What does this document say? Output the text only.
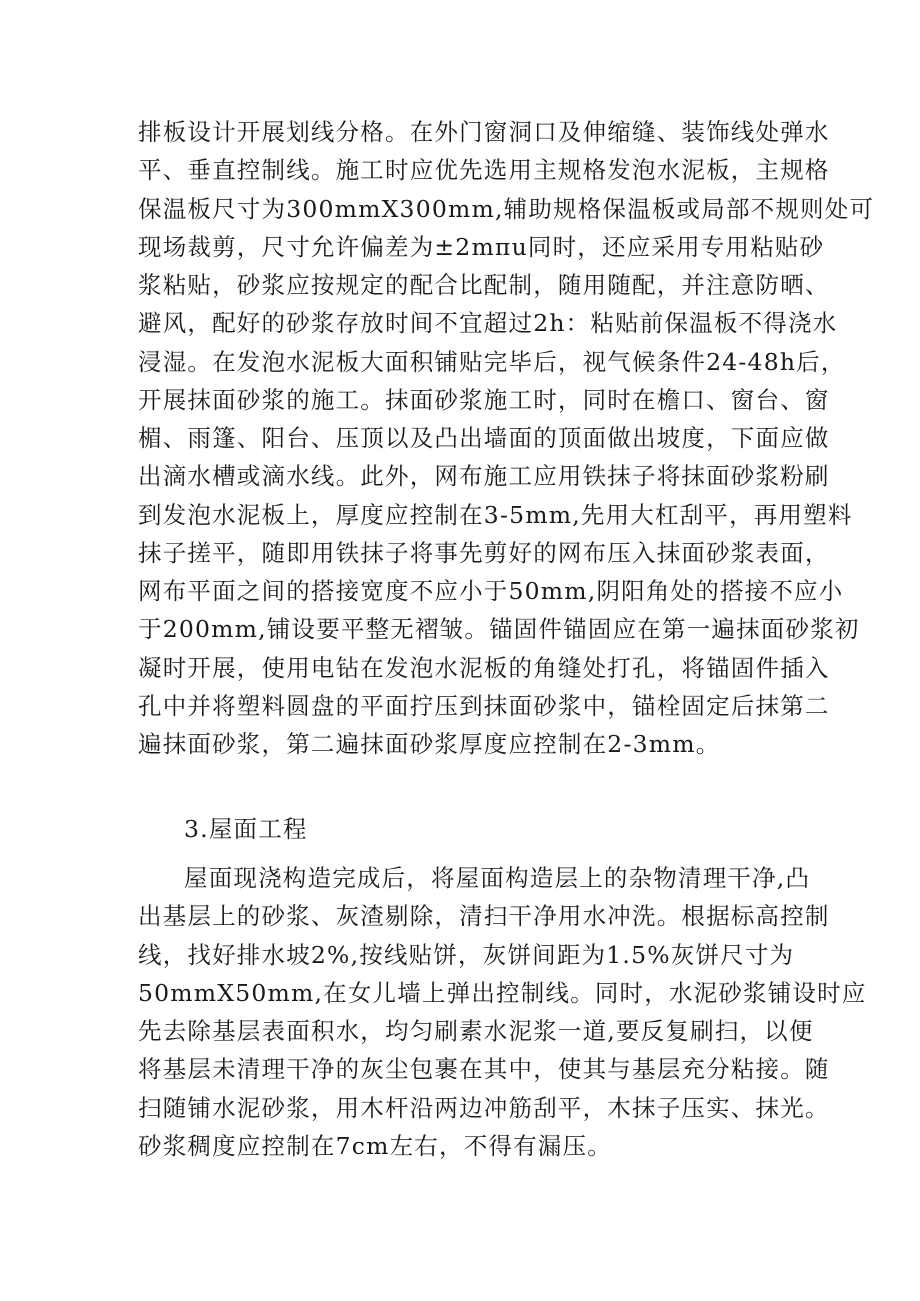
排板设计开展划线分格。在外门窗洞口及伸缩缝、装饰线处弹水
平、垂直控制线。施工时应优先选用主规格发泡水泥板，主规格
保温板尺寸为300mmX300mm,辅助规格保温板或局部不规则处可
现场裁剪，尺寸允许偏差为±2mπu同时，还应采用专用粘贴砂
浆粘贴，砂浆应按规定的配合比配制，随用随配，并注意防晒、
避风，配好的砂浆存放时间不宜超过2h：粘贴前保温板不得浇水
浸湿。在发泡水泥板大面积铺贴完毕后，视气候条件24-48h后，
开展抹面砂浆的施工。抹面砂浆施工时，同时在檐口、窗台、窗
楣、雨篷、阳台、压顶以及凸出墙面的顶面做出坡度，下面应做
出滴水槽或滴水线。此外，网布施工应用铁抹子将抹面砂浆粉刷
到发泡水泥板上，厚度应控制在3-5mm,先用大杠刮平，再用塑料
抹子搓平，随即用铁抹子将事先剪好的网布压入抹面砂浆表面，
网布平面之间的搭接宽度不应小于50mm,阴阳角处的搭接不应小
于200mm,铺设要平整无褶皱。锚固件锚固应在第一遍抹面砂浆初
凝时开展，使用电钻在发泡水泥板的角缝处打孔，将锚固件插入
孔中并将塑料圆盘的平面拧压到抹面砂浆中，锚栓固定后抹第二
遍抹面砂浆，第二遍抹面砂浆厚度应控制在2-3mm。
3.屋面工程
屋面现浇构造完成后，将屋面构造层上的杂物清理干净,凸
出基层上的砂浆、灰渣剔除，清扫干净用水冲洗。根据标高控制
线，找好排水坡2%,按线贴饼，灰饼间距为1.5%灰饼尺寸为
50mmX50mm,在女儿墙上弹出控制线。同时，水泥砂浆铺设时应
先去除基层表面积水，均匀刷素水泥浆一道,要反复刷扫，以便
将基层未清理干净的灰尘包裹在其中，使其与基层充分粘接。随
扫随铺水泥砂浆，用木杆沿两边冲筋刮平，木抹子压实、抹光。
砂浆稠度应控制在7cm左右，不得有漏压。
